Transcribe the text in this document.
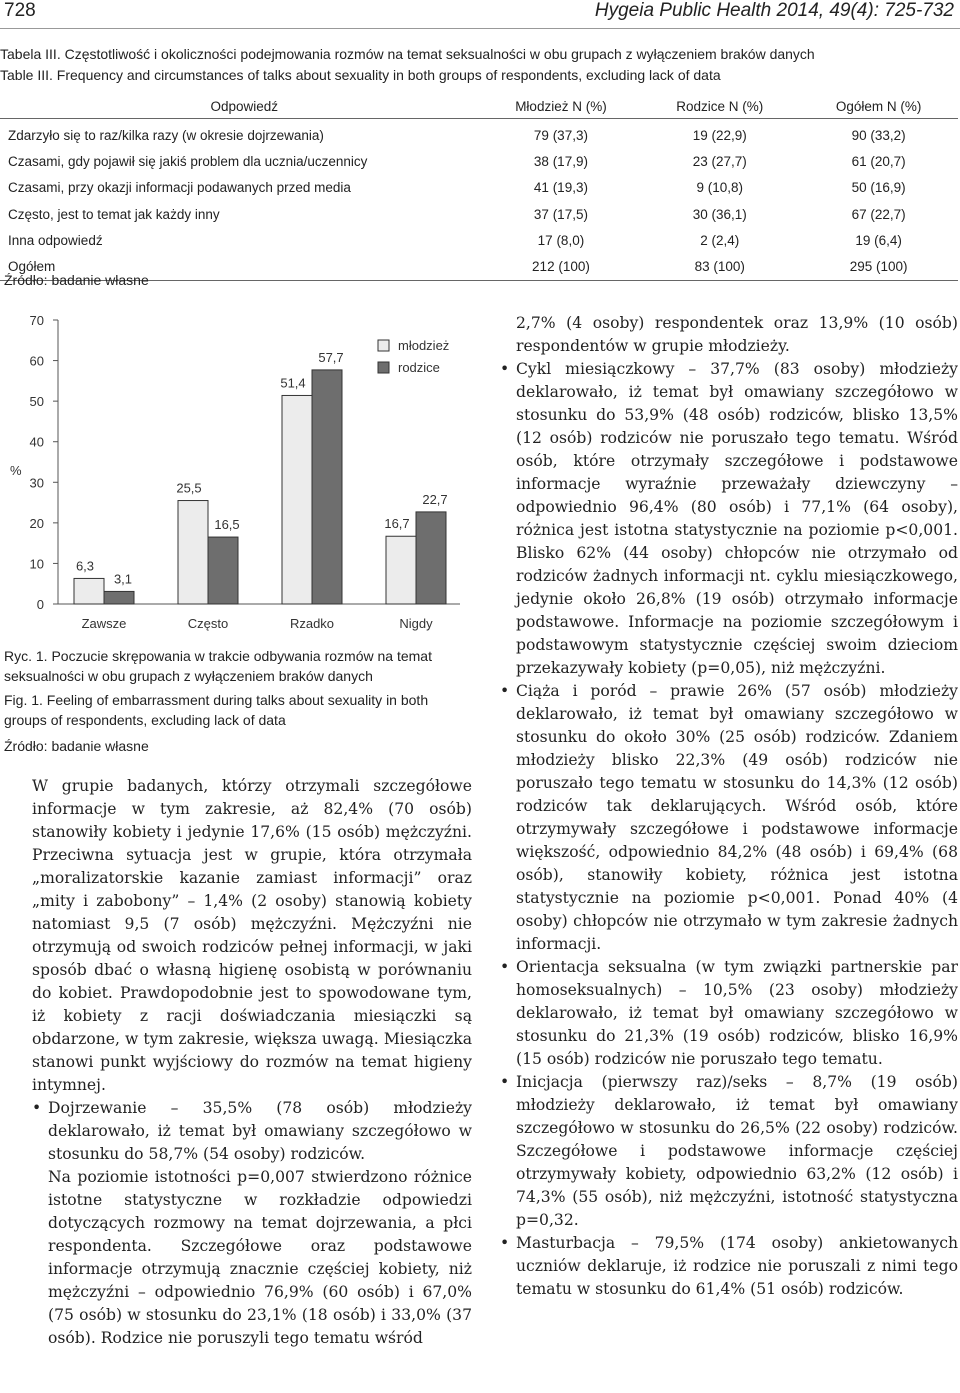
728	Hygeia Public Health 2014, 49(4): 725-732
Tabela III. Częstotliwość i okoliczności podejmowania rozmów na temat seksualności w obu grupach z wyłączeniem braków danych
Table III. Frequency and circumstances of talks about sexuality in both groups of respondents, excluding lack of data
Odpowiedź	Młodzież N (%)	Rodzice N (%)	Ogółem N (%)
Zdarzyło się to raz/kilka razy (w okresie dojrzewania)	79 (37,3)	19 (22,9)	90 (33,2)
Czasami, gdy pojawił się jakiś problem dla ucznia/uczennicy	38 (17,9)	23 (27,7)	61 (20,7)
Czasami, przy okazji informacji podawanych przed media	41 (19,3)	9 (10,8)	50 (16,9)
Często, jest to temat jak każdy inny	37 (17,5)	30 (36,1)	67 (22,7)
Inna odpowiedź	17 (8,0)	2 (2,4)	19 (6,4)
Ogółem	212 (100)	83 (100)	295 (100)
Źródło: badanie własne
0
10
20
30
40
50
60
70
%
6,3
3,1
Zawsze
25,5
16,5
Często
51,4
57,7
Rzadko
16,7
22,7
Nigdy
młodzież
rodzice
Ryc. 1. Poczucie skrępowania w trakcie odbywania rozmów na temat seksualności w obu grupach z wyłączeniem braków danych
Fig. 1. Feeling of embarrassment during talks about sexuality in both groups of respondents, excluding lack of data
Źródło: badanie własne

W grupie badanych, którzy otrzymali szczegółowe informacje w tym zakresie, aż 82,4% (70 osób) stanowiły kobiety i jedynie 17,6% (15 osób) mężczyźni. Przeciwna sytuacja jest w grupie, która otrzymała „moralizatorskie kazanie zamiast informacji” oraz „mity i zabobony” – 1,4% (2 osoby) stanowią kobiety natomiast 9,5 (7 osób) mężczyźni. Mężczyźni nie otrzymują od swoich rodziców pełnej informacji, w jaki sposób dbać o własną higienę osobistą w porównaniu do kobiet. Prawdopodobnie jest to spowodowane tym, iż kobiety z racji doświadczania miesiączki są obdarzone, w tym zakresie, większa uwagą. Miesiączka stanowi punkt wyjściowy do rozmów na temat higieny intymnej.

• Dojrzewanie – 35,5% (78 osób) młodzieży deklarowało, iż temat był omawiany szczegółowo w stosunku do 58,7% (54 osoby) rodziców.

Na poziomie istotności p=0,007 stwierdzono różnice istotne statystyczne w rozkładzie odpowiedzi dotyczących rozmowy na temat dojrzewania, a płci respondenta. Szczegółowe oraz podstawowe informacje otrzymują znacznie częściej kobiety, niż mężczyźni – odpowiednio 76,9% (60 osób) i 67,0% (75 osób) w stosunku do 23,1% (18 osób) i 33,0% (37 osób). Rodzice nie poruszyli tego tematu wśród

2,7% (4 osoby) respondentek oraz 13,9% (10 osób) respondentów w grupie młodzieży.

• Cykl miesiączkowy – 37,7% (83 osoby) młodzieży deklarowało, iż temat był omawiany szczegółowo w stosunku do 53,9% (48 osób) rodziców, blisko 13,5% (12 osób) rodziców nie poruszało tego tematu. Wśród osób, które otrzymały szczegółowe i podstawowe informacje wyraźnie przeważały dziewczyny – odpowiednio 96,4% (80 osób) i 77,1% (64 osoby), różnica jest istotna statystycznie na poziomie p<0,001. Blisko 62% (44 osoby) chłopców nie otrzymało od rodziców żadnych informacji nt. cyklu miesiączkowego, jedynie około 26,8% (19 osób) otrzymało informacje podstawowe. Informacje na poziomie szczegółowym i podstawowym statystycznie częściej swoim dzieciom przekazywały kobiety (p=0,05), niż mężczyźni.
• Ciąża i poród – prawie 26% (57 osób) młodzieży deklarowało, iż temat był omawiany szczegółowo w stosunku do około 30% (25 osób) rodziców. Zdaniem młodzieży blisko 22,3% (49 osób) rodziców nie poruszało tego tematu w stosunku do 14,3% (12 osób) rodziców tak deklarujących. Wśród osób, które otrzymywały szczegółowe i podstawowe informacje większość, odpowiednio 84,2% (48 osób) i 69,4% (68 osób), stanowiły kobiety, różnica jest istotna statystycznie na poziomie p<0,001. Ponad 40% (4 osoby) chłopców nie otrzymało w tym zakresie żadnych informacji.
• Orientacja seksualna (w tym związki partnerskie par homoseksualnych) – 10,5% (23 osoby) młodzieży deklarowało, iż temat był omawiany szczegółowo w stosunku do 21,3% (19 osób) rodziców, blisko 16,9% (15 osób) rodziców nie poruszało tego tematu.
• Inicjacja (pierwszy raz)/seks – 8,7% (19 osób) młodzieży deklarowało, iż temat był omawiany szczegółowo w stosunku do 26,5% (22 osoby) rodziców. Szczegółowe i podstawowe informacje częściej otrzymywały kobiety, odpowiednio 63,2% (12 osób) i 74,3% (55 osób), niż mężczyźni, istotność statystyczna p=0,32.
• Masturbacja – 79,5% (174 osoby) ankietowanych uczniów deklaruje, iż rodzice nie poruszali z nimi tego tematu w stosunku do 61,4% (51 osób) rodziców.
